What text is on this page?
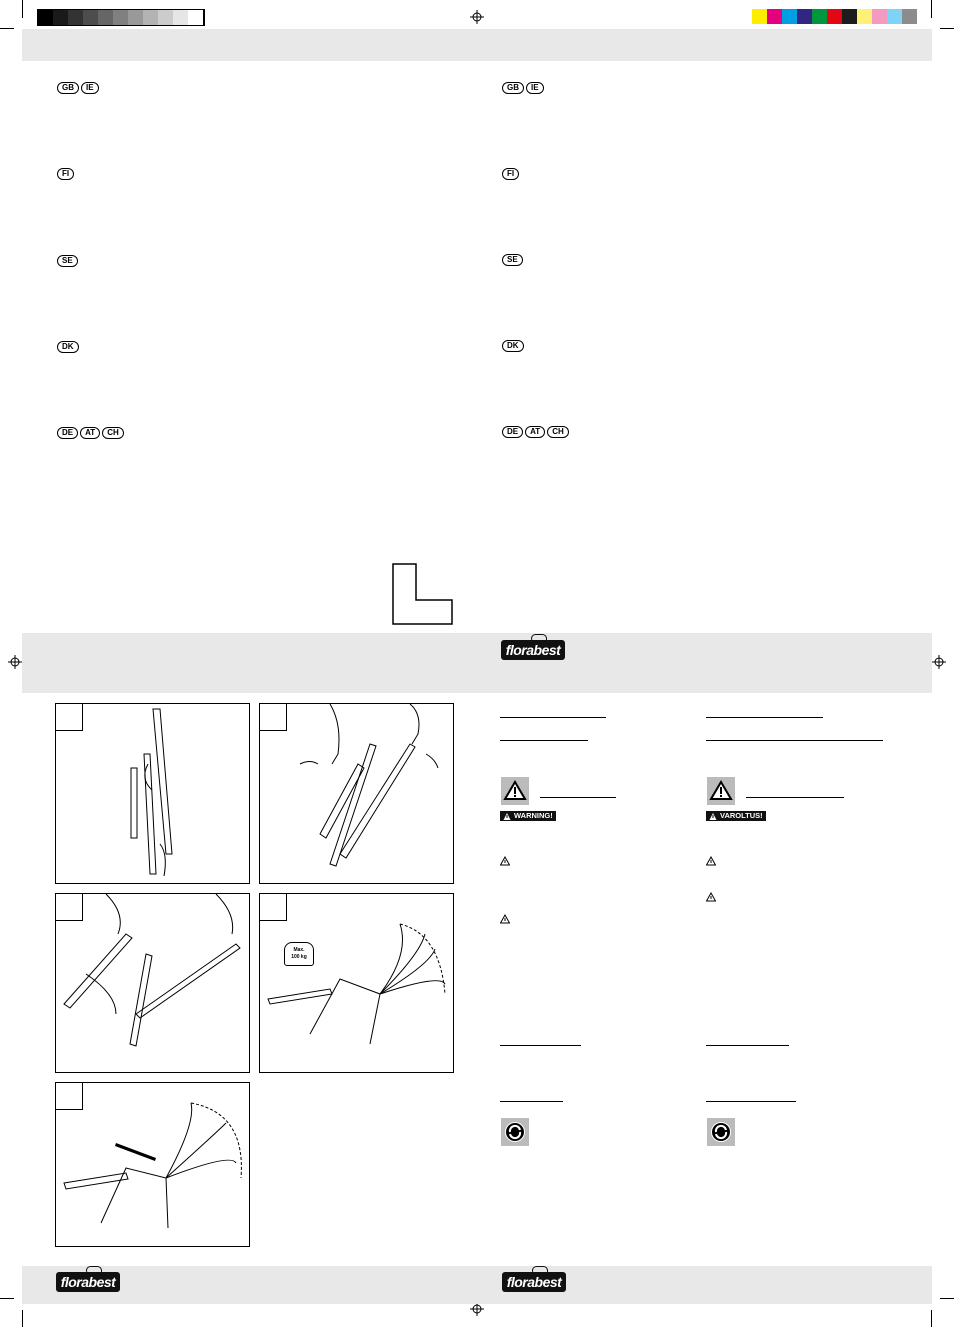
GB IE
FI
SE
DK
DE AT CH
GB IE
FI
SE
DK
DE AT CH
florabest
florabest	florabest
Max.
100 kg
WARNING!	VAROLTUS!
